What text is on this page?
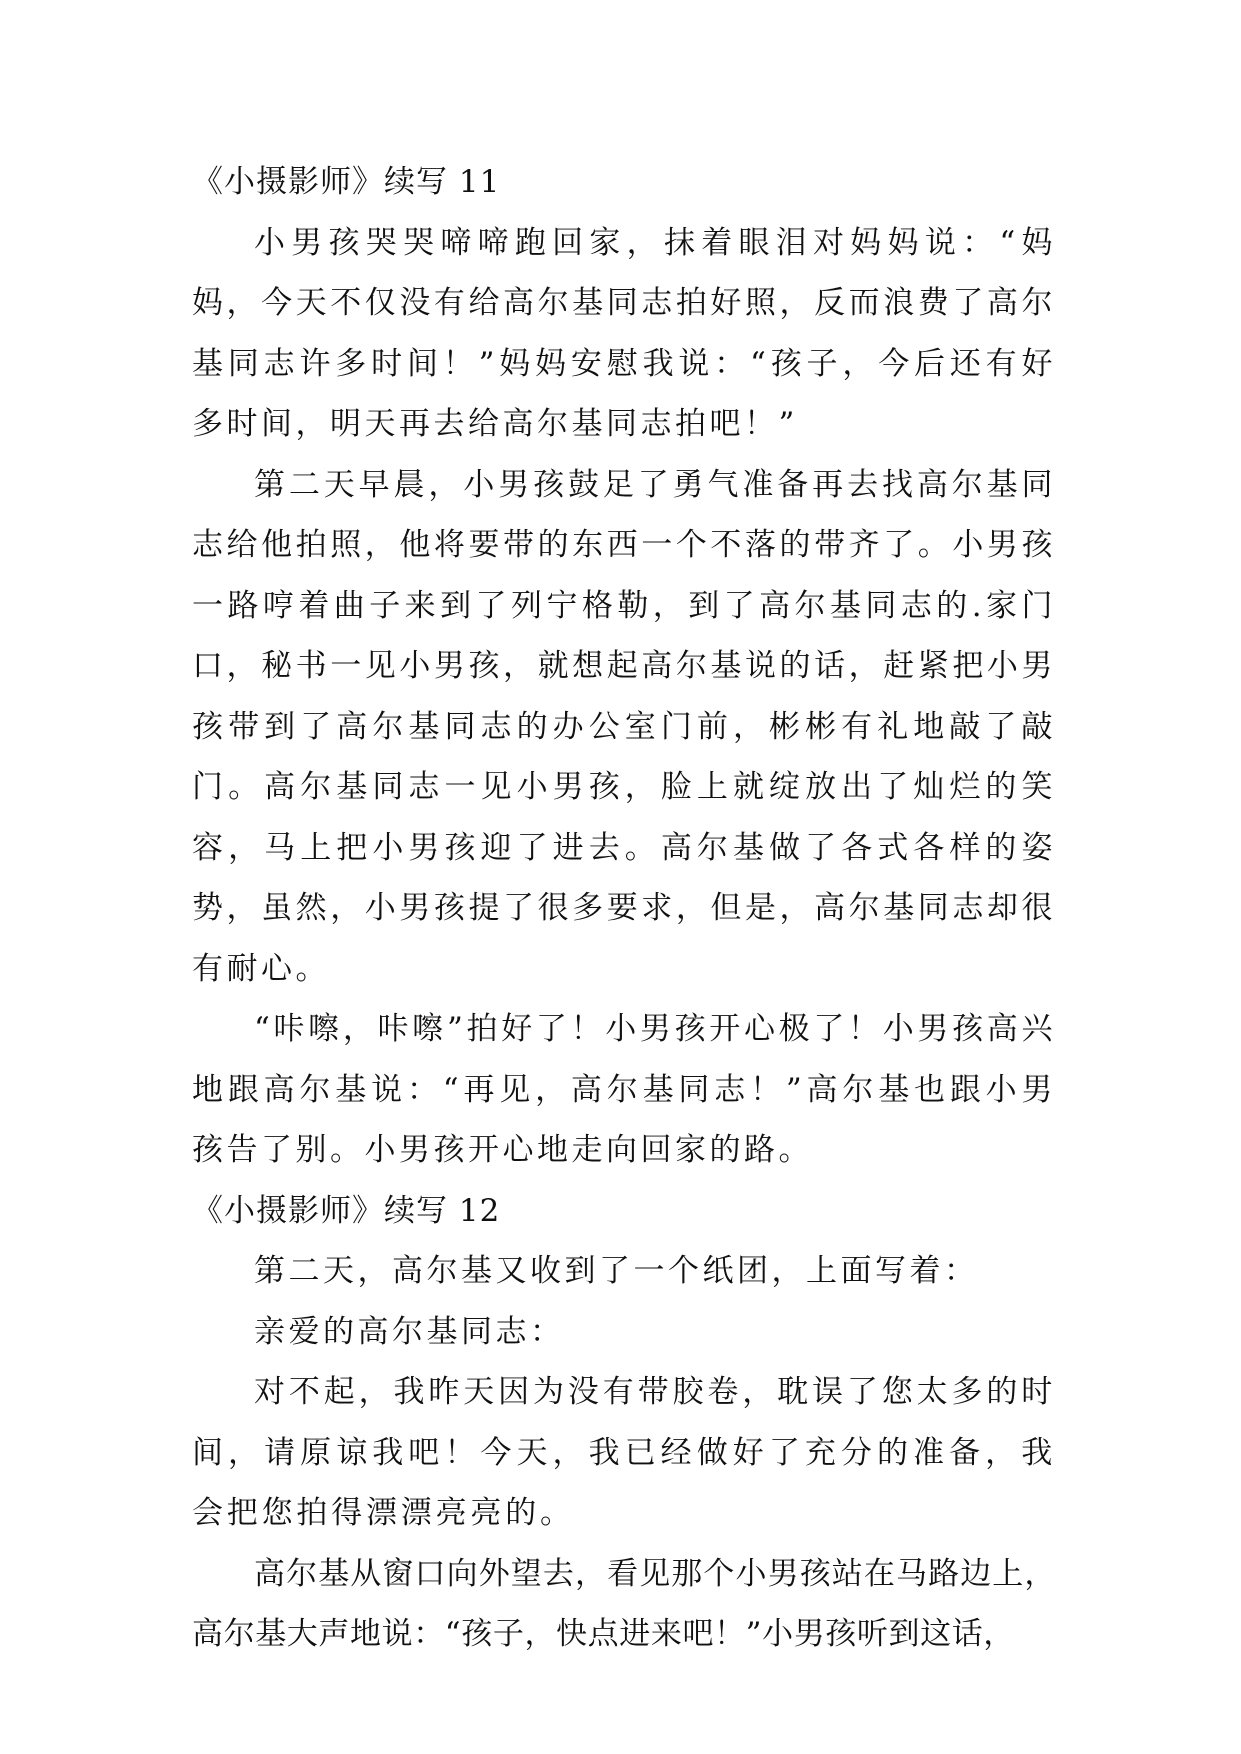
《小摄影师》续写 11

小男孩哭哭啼啼跑回家，抹着眼泪对妈妈说：“妈妈，今天不仅没有给高尔基同志拍好照，反而浪费了高尔基同志许多时间！”妈妈安慰我说：“孩子，今后还有好多时间，明天再去给高尔基同志拍吧！”

第二天早晨，小男孩鼓足了勇气准备再去找高尔基同志给他拍照，他将要带的东西一个不落的带齐了。小男孩一路哼着曲子来到了列宁格勒，到了高尔基同志的.家门口，秘书一见小男孩，就想起高尔基说的话，赶紧把小男孩带到了高尔基同志的办公室门前，彬彬有礼地敲了敲门。高尔基同志一见小男孩，脸上就绽放出了灿烂的笑容，马上把小男孩迎了进去。高尔基做了各式各样的姿势，虽然，小男孩提了很多要求，但是，高尔基同志却很有耐心。

“咔嚓，咔嚓”拍好了！小男孩开心极了！小男孩高兴地跟高尔基说：“再见，高尔基同志！”高尔基也跟小男孩告了别。小男孩开心地走向回家的路。

《小摄影师》续写 12

第二天，高尔基又收到了一个纸团，上面写着：

亲爱的高尔基同志：

对不起，我昨天因为没有带胶卷，耽误了您太多的时间，请原谅我吧！今天，我已经做好了充分的准备，我会把您拍得漂漂亮亮的。

高尔基从窗口向外望去，看见那个小男孩站在马路边上，高尔基大声地说：“孩子，快点进来吧！”小男孩听到这话，
